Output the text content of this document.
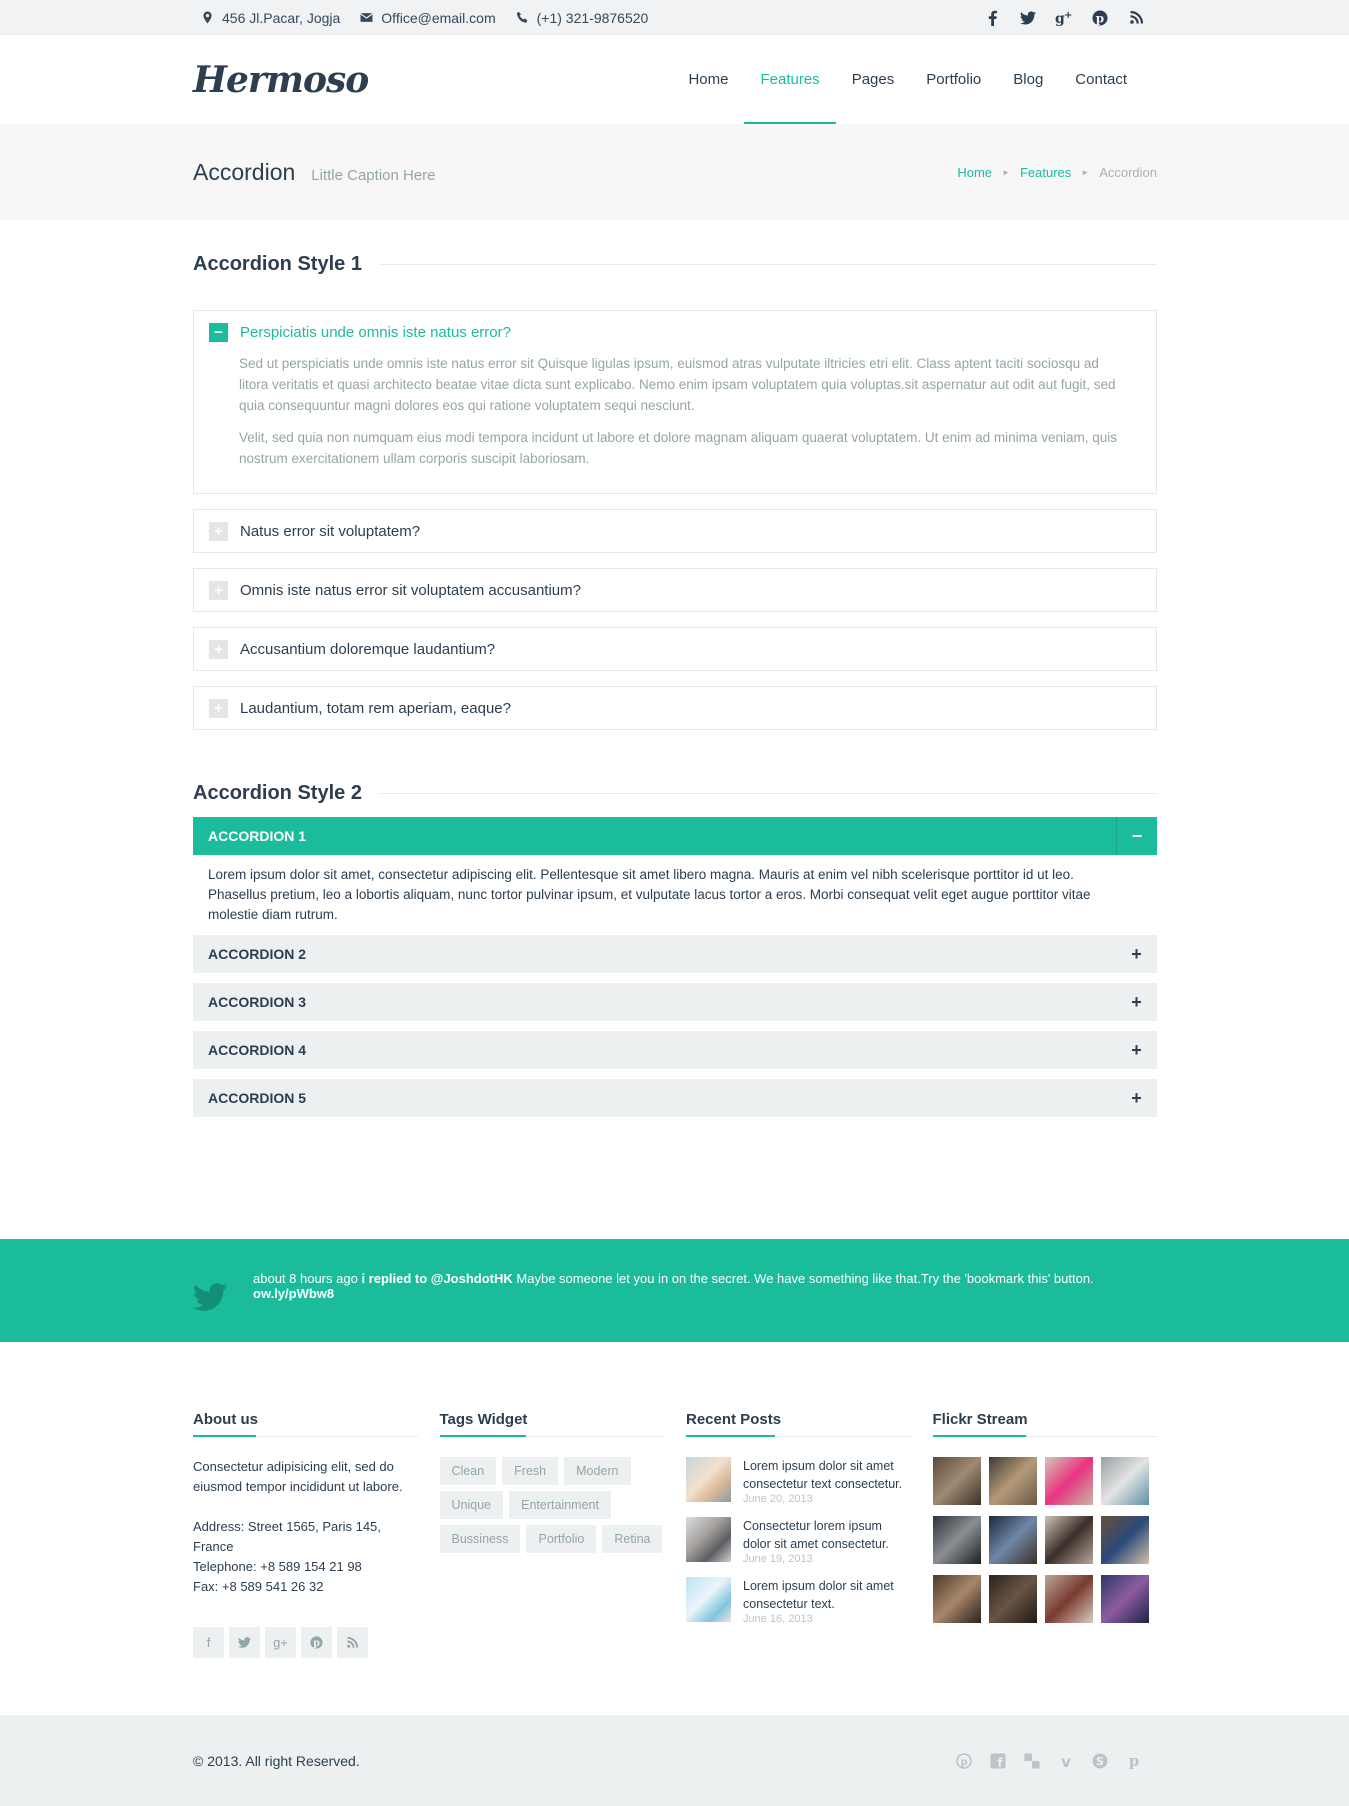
456 Jl.Pacar, Jogja	Office@email.com	(+1) 321-9876520	g + p
Hermoso	Home	Features	Pages	Portfolio	Blog	Contact
Accordion Little Caption Here	Home ► Features ► Accordion
Accordion Style 1
−	Perspiciatis unde omnis iste natus error?

Sed ut perspiciatis unde omnis iste natus error sit Quisque ligulas ipsum, euismod atras vulputate iltricies etri elit. Class aptent taciti sociosqu ad litora veritatis et quasi architecto beatae vitae dicta sunt explicabo. Nemo enim ipsam voluptatem quia voluptas.sit aspernatur aut odit aut fugit, sed quia consequuntur magni dolores eos qui ratione voluptatem sequi nesciunt.

Velit, sed quia non numquam eius modi tempora incidunt ut labore et dolore magnam aliquam quaerat voluptatem. Ut enim ad minima veniam, quis nostrum exercitationem ullam corporis suscipit laboriosam.

+	Natus error sit voluptatem?
+	Omnis iste natus error sit voluptatem accusantium?
+	Accusantium doloremque laudantium?
+	Laudantium, totam rem aperiam, eaque?
Accordion Style 2
ACCORDION 1	−
Lorem ipsum dolor sit amet, consectetur adipiscing elit. Pellentesque sit amet libero magna. Mauris at enim vel nibh scelerisque porttitor id ut leo. Phasellus pretium, leo a lobortis aliquam, nunc tortor pulvinar ipsum, et vulputate lacus tortor a eros. Morbi consequat velit eget augue porttitor vitae molestie diam rutrum.
ACCORDION 2	+
ACCORDION 3	+
ACCORDION 4	+
ACCORDION 5	+
about 8 hours ago i replied to @JoshdotHK Maybe someone let you in on the secret. We have something like that.Try the 'bookmark this' button. ow.ly/pWbw8
About us

Consectetur adipisicing elit, sed do eiusmod tempor incididunt ut labore.

Address: Street 1565, Paris 145, France

Telephone: +8 589 154 21 98

Fax: +8 589 541 26 32

f	g+	p
Tags Widget
Clean	Fresh	Modern
Unique	Entertainment
Bussiness	Portfolio	Retina
Recent Posts
Lorem ipsum dolor sit amet consectetur text consectetur.
June 20, 2013
Consectetur lorem ipsum dolor sit amet consectetur.
June 19, 2013
Lorem ipsum dolor sit amet consectetur text.
June 16, 2013
Flickr Stream
© 2013. All right Reserved.	p f	v S p
